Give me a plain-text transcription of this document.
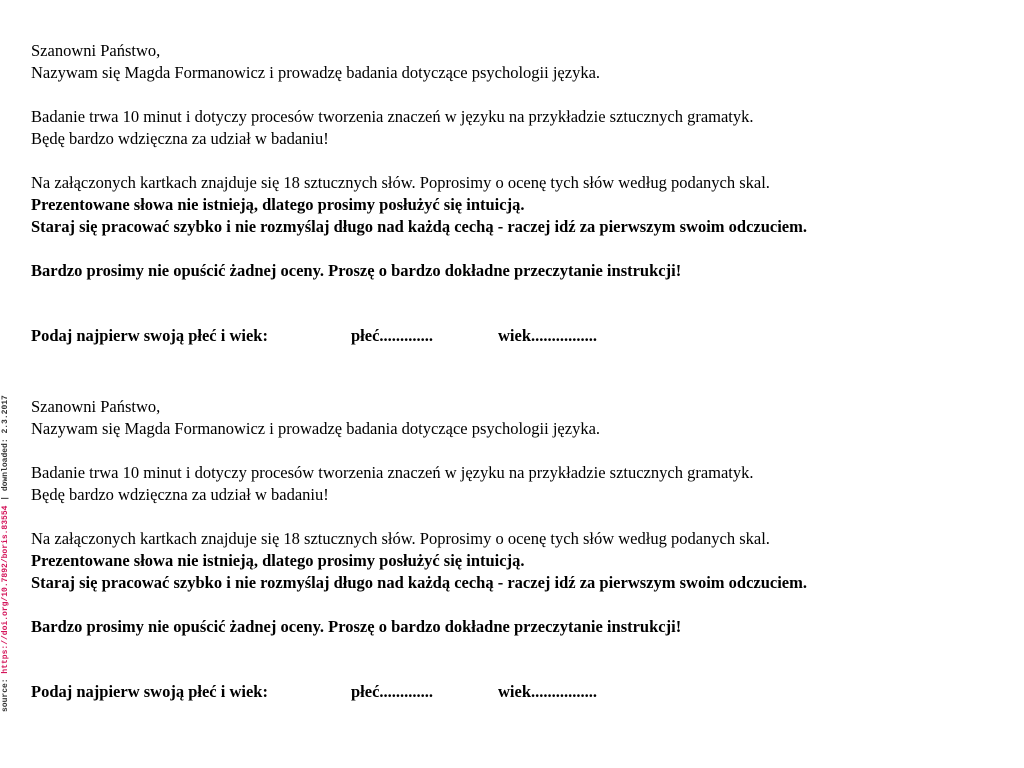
source: https://doi.org/10.7892/boris.83554 | downloaded: 2.3.2017
Szanowni Państwo,
Nazywam się Magda Formanowicz i prowadzę badania dotyczące psychologii języka.
Badanie trwa 10 minut i dotyczy procesów tworzenia znaczeń w języku na przykładzie sztucznych gramatyk.
Będę bardzo wdzięczna za udział w badaniu!
Na załączonych kartkach znajduje się 18 sztucznych słów. Poprosimy o ocenę tych słów według podanych skal.
Prezentowane słowa nie istnieją, dlatego prosimy posłużyć się intuicją.
Staraj się pracować szybko i nie rozmyślaj długo nad każdą cechą - raczej idź za pierwszym swoim odczuciem.
Bardzo prosimy nie opuścić żadnej oceny. Proszę o bardzo dokładne przeczytanie instrukcji!
Podaj najpierw swoją płeć i wiek:	płeć.............	wiek................
Szanowni Państwo,
Nazywam się Magda Formanowicz i prowadzę badania dotyczące psychologii języka.
Badanie trwa 10 minut i dotyczy procesów tworzenia znaczeń w języku na przykładzie sztucznych gramatyk.
Będę bardzo wdzięczna za udział w badaniu!
Na załączonych kartkach znajduje się 18 sztucznych słów. Poprosimy o ocenę tych słów według podanych skal.
Prezentowane słowa nie istnieją, dlatego prosimy posłużyć się intuicją.
Staraj się pracować szybko i nie rozmyślaj długo nad każdą cechą - raczej idź za pierwszym swoim odczuciem.
Bardzo prosimy nie opuścić żadnej oceny. Proszę o bardzo dokładne przeczytanie instrukcji!
Podaj najpierw swoją płeć i wiek:	płeć.............	wiek................
